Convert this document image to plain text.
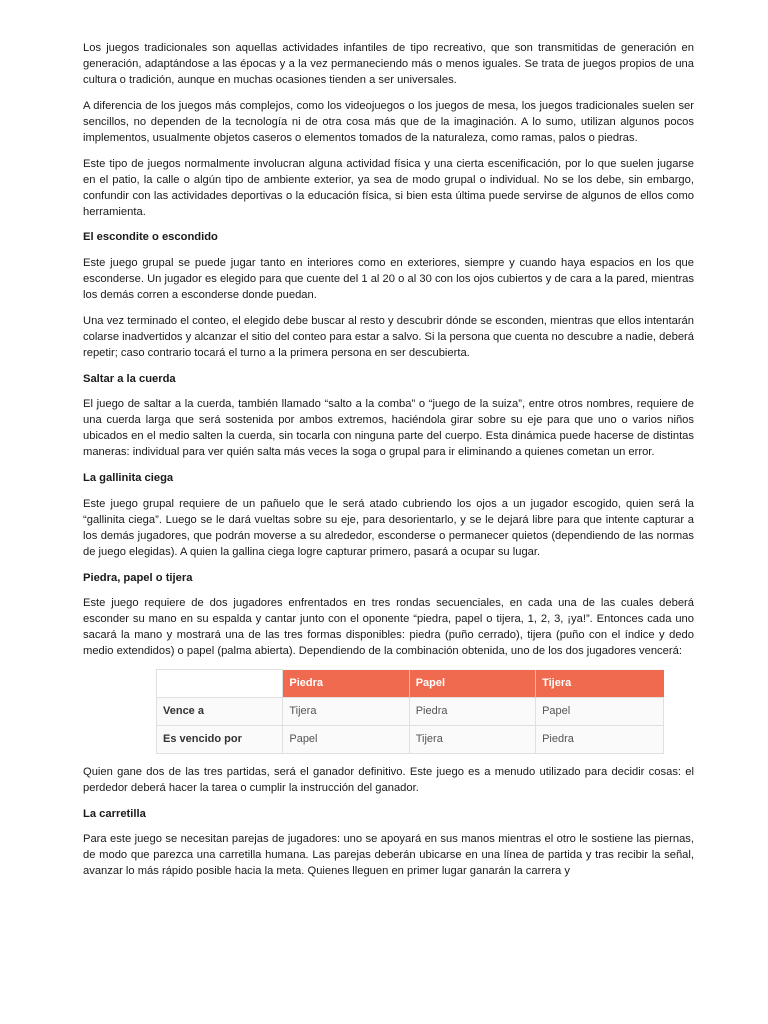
Los juegos tradicionales son aquellas actividades infantiles de tipo recreativo, que son transmitidas de generación en generación, adaptándose a las épocas y a la vez permaneciendo más o menos iguales. Se trata de juegos propios de una cultura o tradición, aunque en muchas ocasiones tienden a ser universales.

A diferencia de los juegos más complejos, como los videojuegos o los juegos de mesa, los juegos tradicionales suelen ser sencillos, no dependen de la tecnología ni de otra cosa más que de la imaginación. A lo sumo, utilizan algunos pocos implementos, usualmente objetos caseros o elementos tomados de la naturaleza, como ramas, palos o piedras.

Este tipo de juegos normalmente involucran alguna actividad física y una cierta escenificación, por lo que suelen jugarse en el patio, la calle o algún tipo de ambiente exterior, ya sea de modo grupal o individual. No se los debe, sin embargo, confundir con las actividades deportivas o la educación física, si bien esta última puede servirse de algunos de ellos como herramienta.

El escondite o escondido

Este juego grupal se puede jugar tanto en interiores como en exteriores, siempre y cuando haya espacios en los que esconderse. Un jugador es elegido para que cuente del 1 al 20 o al 30 con los ojos cubiertos y de cara a la pared, mientras los demás corren a esconderse donde puedan.

Una vez terminado el conteo, el elegido debe buscar al resto y descubrir dónde se esconden, mientras que ellos intentarán colarse inadvertidos y alcanzar el sitio del conteo para estar a salvo. Si la persona que cuenta no descubre a nadie, deberá repetir; caso contrario tocará el turno a la primera persona en ser descubierta.

Saltar a la cuerda

El juego de saltar a la cuerda, también llamado “salto a la comba” o “juego de la suiza”, entre otros nombres, requiere de una cuerda larga que será sostenida por ambos extremos, haciéndola girar sobre su eje para que uno o varios niños ubicados en el medio salten la cuerda, sin tocarla con ninguna parte del cuerpo. Esta dinámica puede hacerse de distintas maneras: individual para ver quién salta más veces la soga o grupal para ir eliminando a quienes cometan un error.

La gallinita ciega

Este juego grupal requiere de un pañuelo que le será atado cubriendo los ojos a un jugador escogido, quien será la “gallinita ciega”. Luego se le dará vueltas sobre su eje, para desorientarlo, y se le dejará libre para que intente capturar a los demás jugadores, que podrán moverse a su alrededor, esconderse o permanecer quietos (dependiendo de las normas de juego elegidas). A quien la gallina ciega logre capturar primero, pasará a ocupar su lugar.

Piedra, papel o tijera

Este juego requiere de dos jugadores enfrentados en tres rondas secuenciales, en cada una de las cuales deberá esconder su mano en su espalda y cantar junto con el oponente “piedra, papel o tijera, 1, 2, 3, ¡ya!”. Entonces cada uno sacará la mano y mostrará una de las tres formas disponibles: piedra (puño cerrado), tijera (puño con el índice y dedo medio extendidos) o papel (palma abierta). Dependiendo de la combinación obtenida, uno de los dos jugadores vencerá:

	Piedra	Papel	Tijera
Vence a	Tijera	Piedra	Papel
Es vencido por	Papel	Tijera	Piedra

Quien gane dos de las tres partidas, será el ganador definitivo. Este juego es a menudo utilizado para decidir cosas: el perdedor deberá hacer la tarea o cumplir la instrucción del ganador.

La carretilla

Para este juego se necesitan parejas de jugadores: uno se apoyará en sus manos mientras el otro le sostiene las piernas, de modo que parezca una carretilla humana. Las parejas deberán ubicarse en una línea de partida y tras recibir la señal, avanzar lo más rápido posible hacia la meta. Quienes lleguen en primer lugar ganarán la carrera y
